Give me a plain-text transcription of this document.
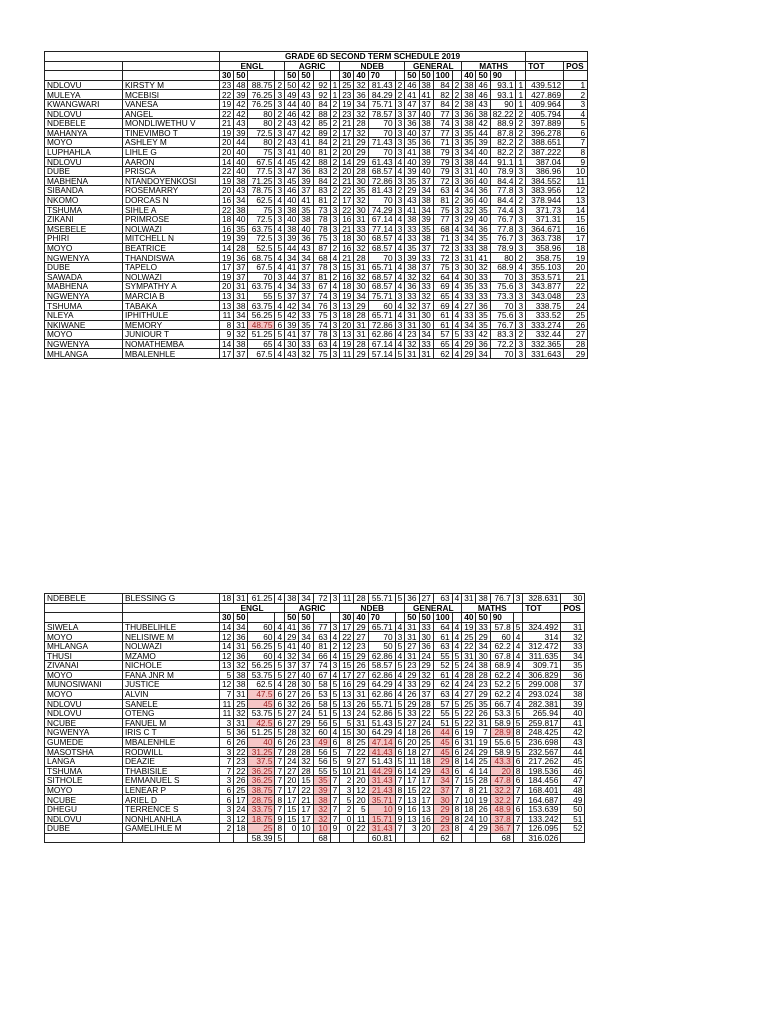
		GRADE 6D SECOND TERM SCHEDULE 2019																					
		ENGL				AGRIC				NDEB				GENERAL				MATHS				TOT	POS
		30	50			50	50			30	40	70		50	50	100		40	50	90			
NDLOVU	KIRSTY M	23	48	88.75	2	50	42	92	1	25	32	81.43	2	46	38	84	2	38	46	93.1	1	439.512	1
MULEYA	MCEBISI	22	39	76.25	3	49	43	92	1	23	36	84.29	2	41	41	82	2	38	46	93.1	1	427.869	2
KWANGWARI	VANESA	19	42	76.25	3	44	40	84	2	19	34	75.71	3	47	37	84	2	38	43	90	1	409.964	3
NDLOVU	ANGEL	22	42	80	2	46	42	88	2	23	32	78.57	3	37	40	77	3	36	38	82.22	2	405.794	4
NDEBELE	MONDLIWETHU V	21	43	80	2	43	42	85	2	21	28	70	3	36	38	74	3	38	42	88.9	2	397.889	5
MAHANYA	TINEVIMBO T	19	39	72.5	3	47	42	89	2	17	32	70	3	40	37	77	3	35	44	87.8	2	396.278	6
MOYO	ASHLEY M	20	44	80	2	43	41	84	2	21	29	71.43	3	35	36	71	3	35	39	82.2	2	388.651	7
LUPHAHLA	LIHLE G	20	40	75	3	41	40	81	2	20	29	70	3	41	38	79	3	34	40	82.2	2	387.222	8
NDLOVU	AARON	14	40	67.5	4	45	42	88	2	14	29	61.43	4	40	39	79	3	38	44	91.1	1	387.04	9
DUBE	PRISCA	22	40	77.5	3	47	36	83	2	20	28	68.57	4	39	40	79	3	31	40	78.9	3	386.96	10
MABHENA	NTANDOYENKOSI	19	38	71.25	3	45	39	84	2	21	30	72.86	3	35	37	72	3	36	40	84.4	2	384.552	11
SIBANDA	ROSEMARRY	20	43	78.75	3	46	37	83	2	22	35	81.43	2	29	34	63	4	34	36	77.8	3	383.956	12
NKOMO	DORCAS N	16	34	62.5	4	40	41	81	2	17	32	70	3	43	38	81	2	36	40	84.4	2	378.944	13
TSHUMA	SIHLE A	22	38	75	3	38	35	73	3	22	30	74.29	3	41	34	75	3	32	35	74.4	3	371.73	14
ZIKANI	PRIMROSE	18	40	72.5	3	40	38	78	3	16	31	67.14	4	38	39	77	3	29	40	76.7	3	371.31	15
MSEBELE	NOLWAZI	16	35	63.75	4	38	40	78	3	21	33	77.14	3	33	35	68	4	34	36	77.8	3	364.671	16
PHIRI	MITCHELL N	19	39	72.5	3	39	36	75	3	18	30	68.57	4	33	38	71	3	34	35	76.7	3	363.738	17
MOYO	BEATRICE	14	28	52.5	5	44	43	87	2	16	32	68.57	4	35	37	72	3	33	38	78.9	3	358.96	18
NGWENYA	THANDISWA	19	36	68.75	4	34	34	68	4	21	28	70	3	39	33	72	3	31	41	80	2	358.75	19
DUBE	TAPELO	17	37	67.5	4	41	37	78	3	15	31	65.71	4	38	37	75	3	30	32	68.9	4	355.103	20
SAWADA	NOLWAZI	19	37	70	3	44	37	81	2	16	32	68.57	4	32	32	64	4	30	33	70	3	353.571	21
MABHENA	SYMPATHY A	20	31	63.75	4	34	33	67	4	18	30	68.57	4	36	33	69	4	35	33	75.6	3	343.877	22
NGWENYA	MARCIA B	13	31	55	5	37	37	74	3	19	34	75.71	3	33	32	65	4	33	33	73.3	3	343.048	23
TSHUMA	TABAKA	13	38	63.75	4	42	34	76	3	13	29	60	4	32	37	69	4	27	36	70	3	338.75	24
NLEYA	IPHITHULE	11	34	56.25	5	42	33	75	3	18	28	65.71	4	31	30	61	4	33	35	75.6	3	333.52	25
NKIWANE	MEMORY	8	31	48.75	6	39	35	74	3	20	31	72.86	3	31	30	61	4	34	35	76.7	3	333.274	26
MOYO	JUNIOUR T	9	32	51.25	5	41	37	78	3	13	31	62.86	4	23	34	57	5	33	42	83.3	2	332.44	27
NGWENYA	NOMATHEMBA	14	38	65	4	30	33	63	4	19	28	67.14	4	32	33	65	4	29	36	72.2	3	332.365	28
MHLANGA	MBALENHLE	17	37	67.5	4	43	32	75	3	11	29	57.14	5	31	31	62	4	29	34	70	3	331.643	29
NDEBELE	BLESSING G	18	31	61.25	4	38	34	72	3	11	28	55.71	5	36	27	63	4	31	38	76.7	3	328.631	30
		ENGL				AGRIC				NDEB				GENERAL				MATHS				TOT	POS
		30	50			50	50			30	40	70		50	50	100		40	50	90			
SIWELA	THUBELIHLE	14	34	60	4	41	36	77	3	17	29	65.71	4	31	33	64	4	19	33	57.8	5	324.492	31
MOYO	NELISIWE M	12	36	60	4	29	34	63	4	22	27	70	3	31	30	61	4	25	29	60	4	314	32
MHLANGA	NOLWAZI	14	31	56.25	5	41	40	81	2	12	23	50	5	27	36	63	4	22	34	62.2	4	312.472	33
THUSI	MZAMO	12	36	60	4	32	34	66	4	15	29	62.86	4	31	24	55	5	31	30	67.8	4	311.635	34
ZIVANAI	NICHOLE	13	32	56.25	5	37	37	74	3	15	26	58.57	5	23	29	52	5	24	38	68.9	4	309.71	35
MOYO	FANA JNR M	5	38	53.75	5	27	40	67	4	17	27	62.86	4	29	32	61	4	28	28	62.2	4	306.829	36
MUNOSIWANI	JUSTICE	12	38	62.5	4	28	30	58	5	16	29	64.29	4	33	29	62	4	24	23	52.2	5	299.008	37
MOYO	ALVIN	7	31	47.5	6	27	26	53	5	13	31	62.86	4	26	37	63	4	27	29	62.2	4	293.024	38
NDLOVU	SANELE	11	25	45	6	32	26	58	5	13	26	55.71	5	29	28	57	5	25	35	66.7	4	282.381	39
NDLOVU	OTENG	11	32	53.75	5	27	24	51	5	13	24	52.86	5	33	22	55	5	22	26	53.3	5	265.94	40
NCUBE	FANUEL M	3	31	42.5	6	27	29	56	5	5	31	51.43	5	27	24	51	5	22	31	58.9	5	259.817	41
NGWENYA	IRIS C T	5	36	51.25	5	28	32	60	4	15	30	64.29	4	18	26	44	6	19	7	28.9	8	248.425	42
GUMEDE	MBALENHLE	6	26	40	6	26	23	49	6	8	25	47.14	6	20	25	45	6	31	19	55.6	5	236.698	43
MASOTSHA	RODWILL	3	22	31.25	7	28	28	56	5	7	22	41.43	6	18	27	45	6	24	29	58.9	5	232.567	44
LANGA	DEAZIE	7	23	37.5	7	24	32	56	5	9	27	51.43	5	11	18	29	8	14	25	43.3	6	217.262	45
TSHUMA	THABISILE	7	22	36.25	7	27	28	55	5	10	21	44.29	6	14	29	43	6	4	14	20	8	198.536	46
SITHOLE	EMMANUEL S	3	26	36.25	7	20	15	35	7	2	20	31.43	7	17	17	34	7	15	28	47.8	6	184.456	47
MOYO	LENEAR P	6	25	38.75	7	17	22	39	7	3	12	21.43	8	15	22	37	7	8	21	32.2	7	168.401	48
NCUBE	ARIEL D	6	17	28.75	8	17	21	38	7	5	20	35.71	7	13	17	30	7	10	19	32.2	7	164.687	49
DHEGU	TERRENCE S	3	24	33.75	7	15	17	32	7	2	5	10	9	16	13	29	8	18	26	48.9	6	153.639	50
NDLOVU	NONHLANHLA	3	12	18.75	9	15	17	32	7	0	11	15.71	9	13	16	29	8	24	10	37.8	7	133.242	51
DUBE	GAMELIHLE M	2	18	25	8	0	10	10	9	0	22	31.43	7	3	20	23	8	4	29	36.7	7	126.095	52
				58.39	5			68				60.81				62				68		316.026	
